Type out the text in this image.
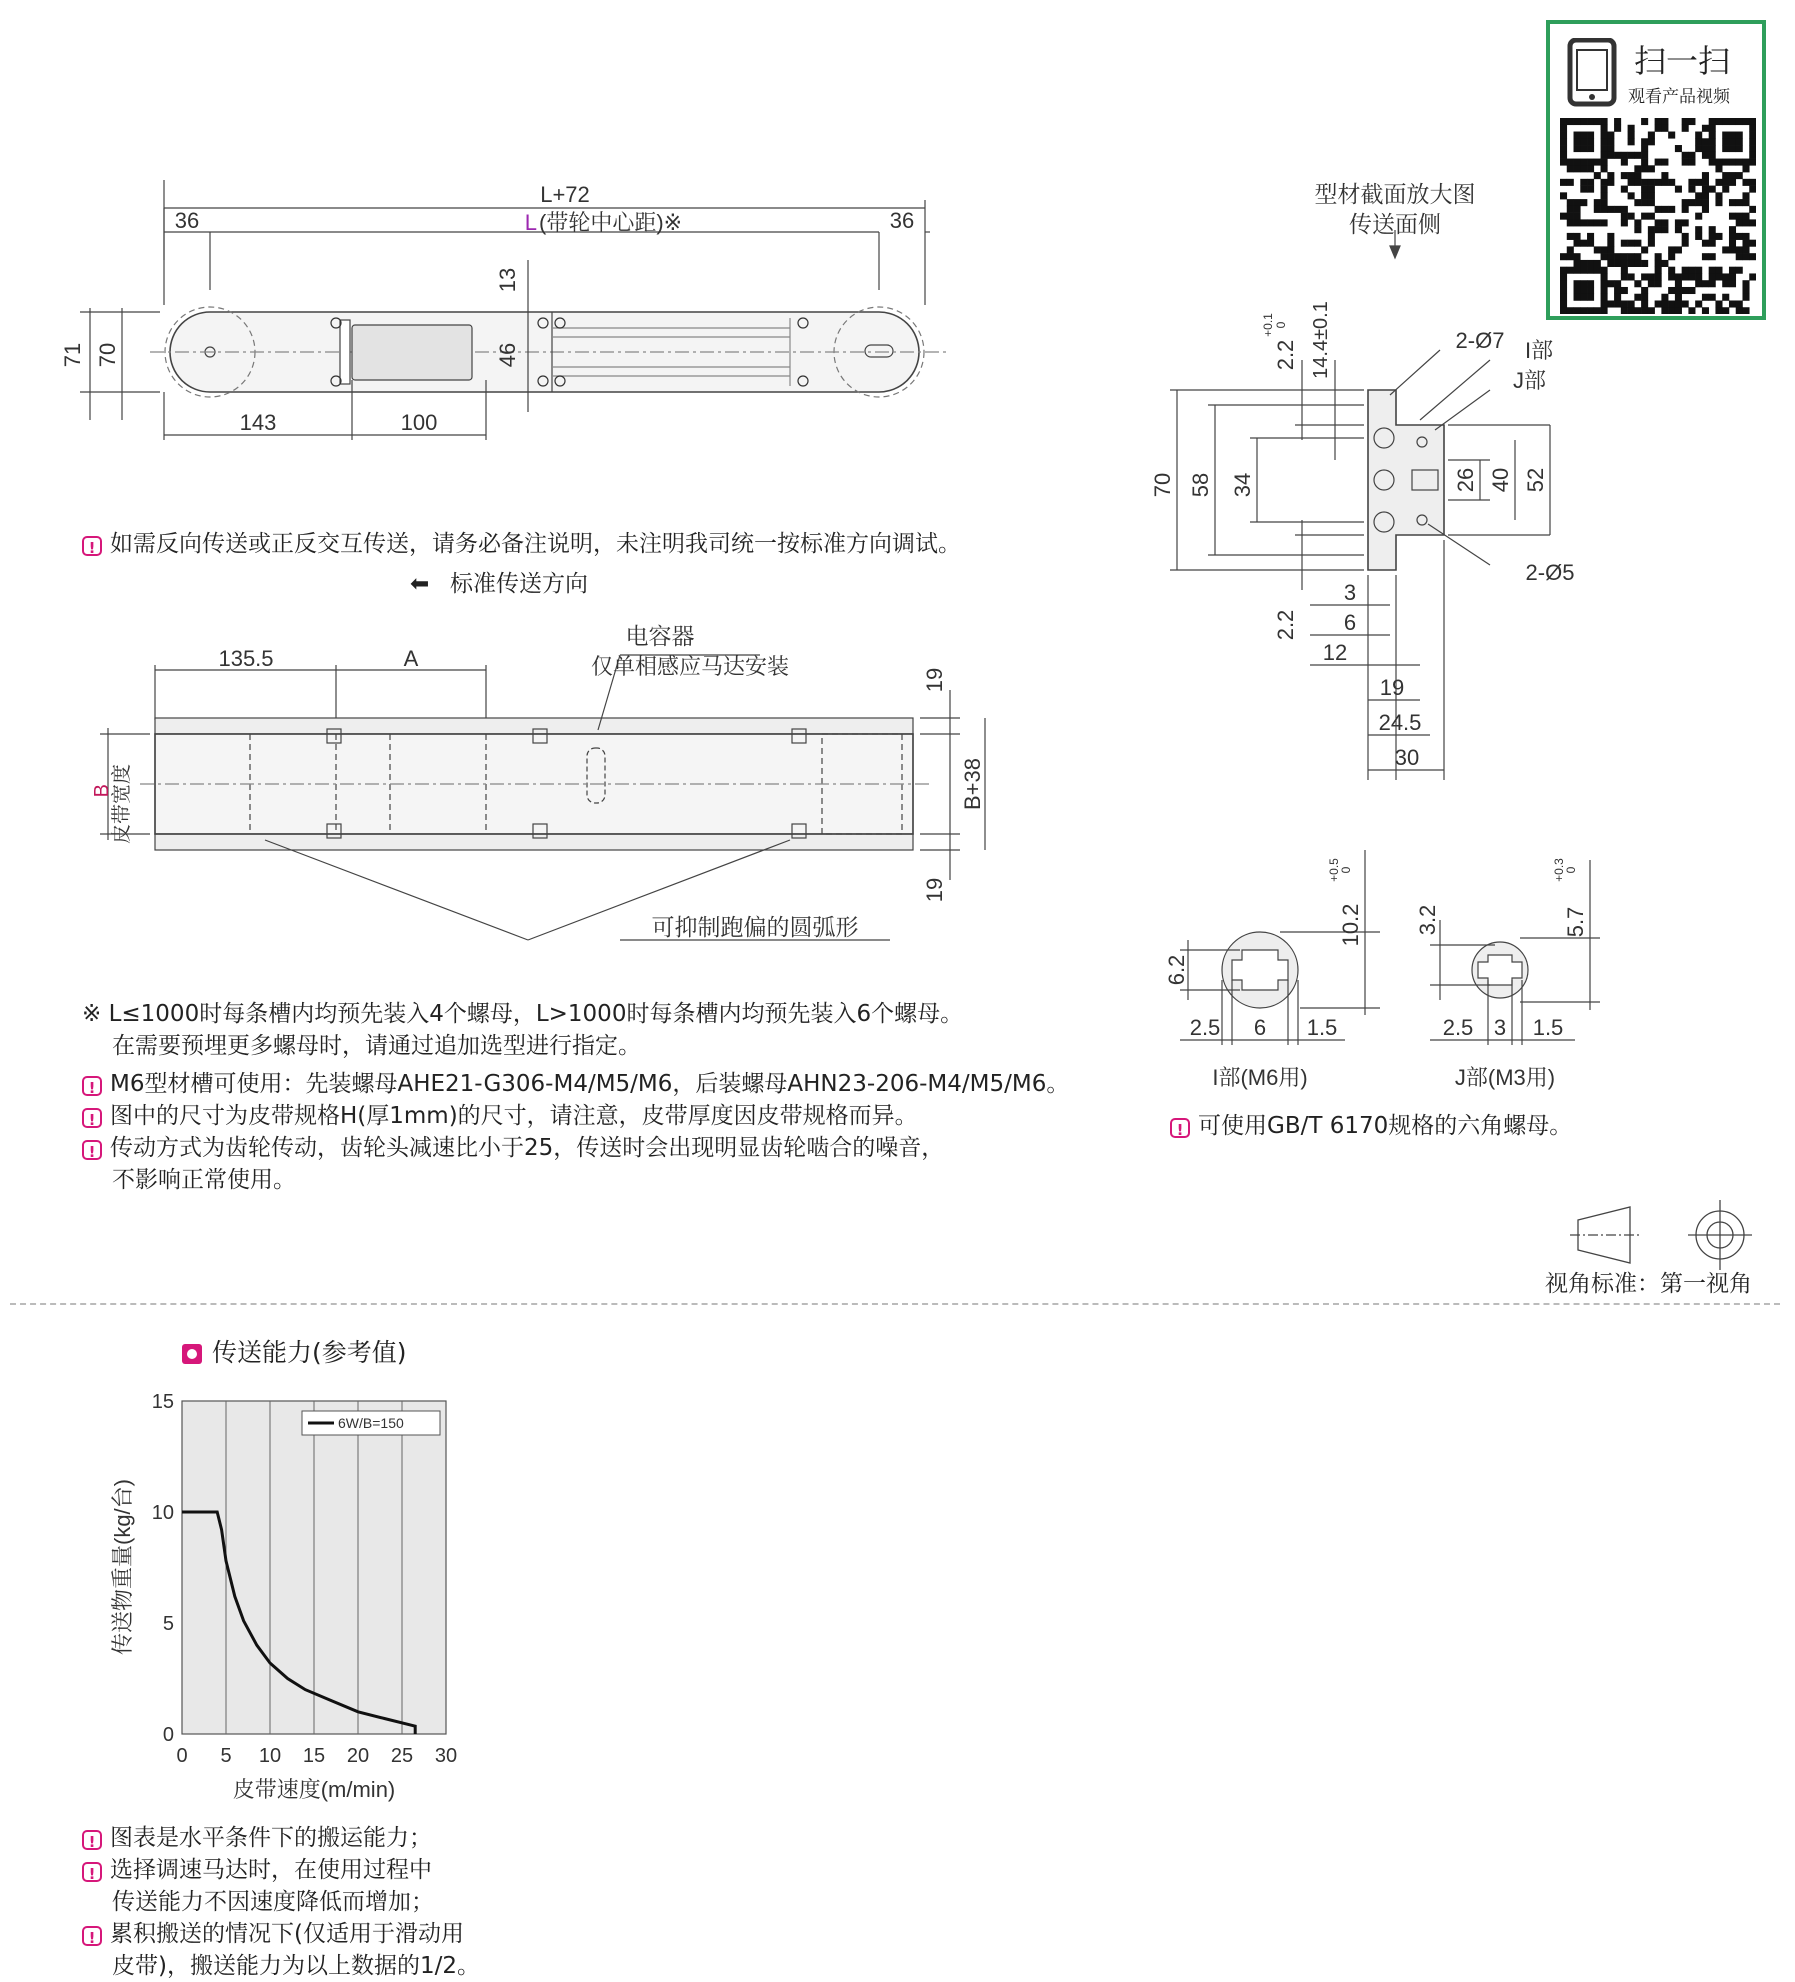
扫一扫
观看产品视频
L+72
L (带轮中心距)※
36	36
13
46
71 70
143	100
! 如需反向传送或正反交互传送，请务必备注说明，未注明我司统一按标准方向调试。
⬅ 标准传送方向
135.5	A
电容器
仅单相感应马达安装
19
19
B+38
B
皮带宽度
可抑制跑偏的圆弧形
※ L≤1000时每条槽内均预先装入4个螺母，L>1000时每条槽内均预先装入6个螺母。
在需要预埋更多螺母时，请通过追加选型进行指定。
! M6型材槽可使用：先装螺母AHE21-G306-M4/M5/M6，后装螺母AHN23-206-M4/M5/M6。
! 图中的尺寸为皮带规格H(厚1mm)的尺寸，请注意，皮带厚度因皮带规格而异。
! 传动方式为齿轮传动，齿轮头减速比小于25，传送时会出现明显齿轮啮合的噪音，
不影响正常使用。
型材截面放大图
传送面侧
2-Ø7 I部
J部
2-Ø5
2.2
+0.1 0 14.4±0.1
70 58 34	26 40 52
2.2
3
6
12
19
24.5
30
6.2
10.2
+0.5
0
2.5 6 1.5
I部(M6用)
3.2	5.7
+0.3
0
2.5 3 1.5
J部(M3用)
! 可使用GB/T 6170规格的六角螺母。
视角标准：第一视角
传送能力(参考值)
0 5 10 15 20 25 30
0
5
10
15
6W/B=150
传送物重量(kg/台)
皮带速度(m/min)
! 图表是水平条件下的搬运能力；
! 选择调速马达时，在使用过程中
传送能力不因速度降低而增加；
! 累积搬送的情况下(仅适用于滑动用
皮带)，搬送能力为以上数据的1/2。
